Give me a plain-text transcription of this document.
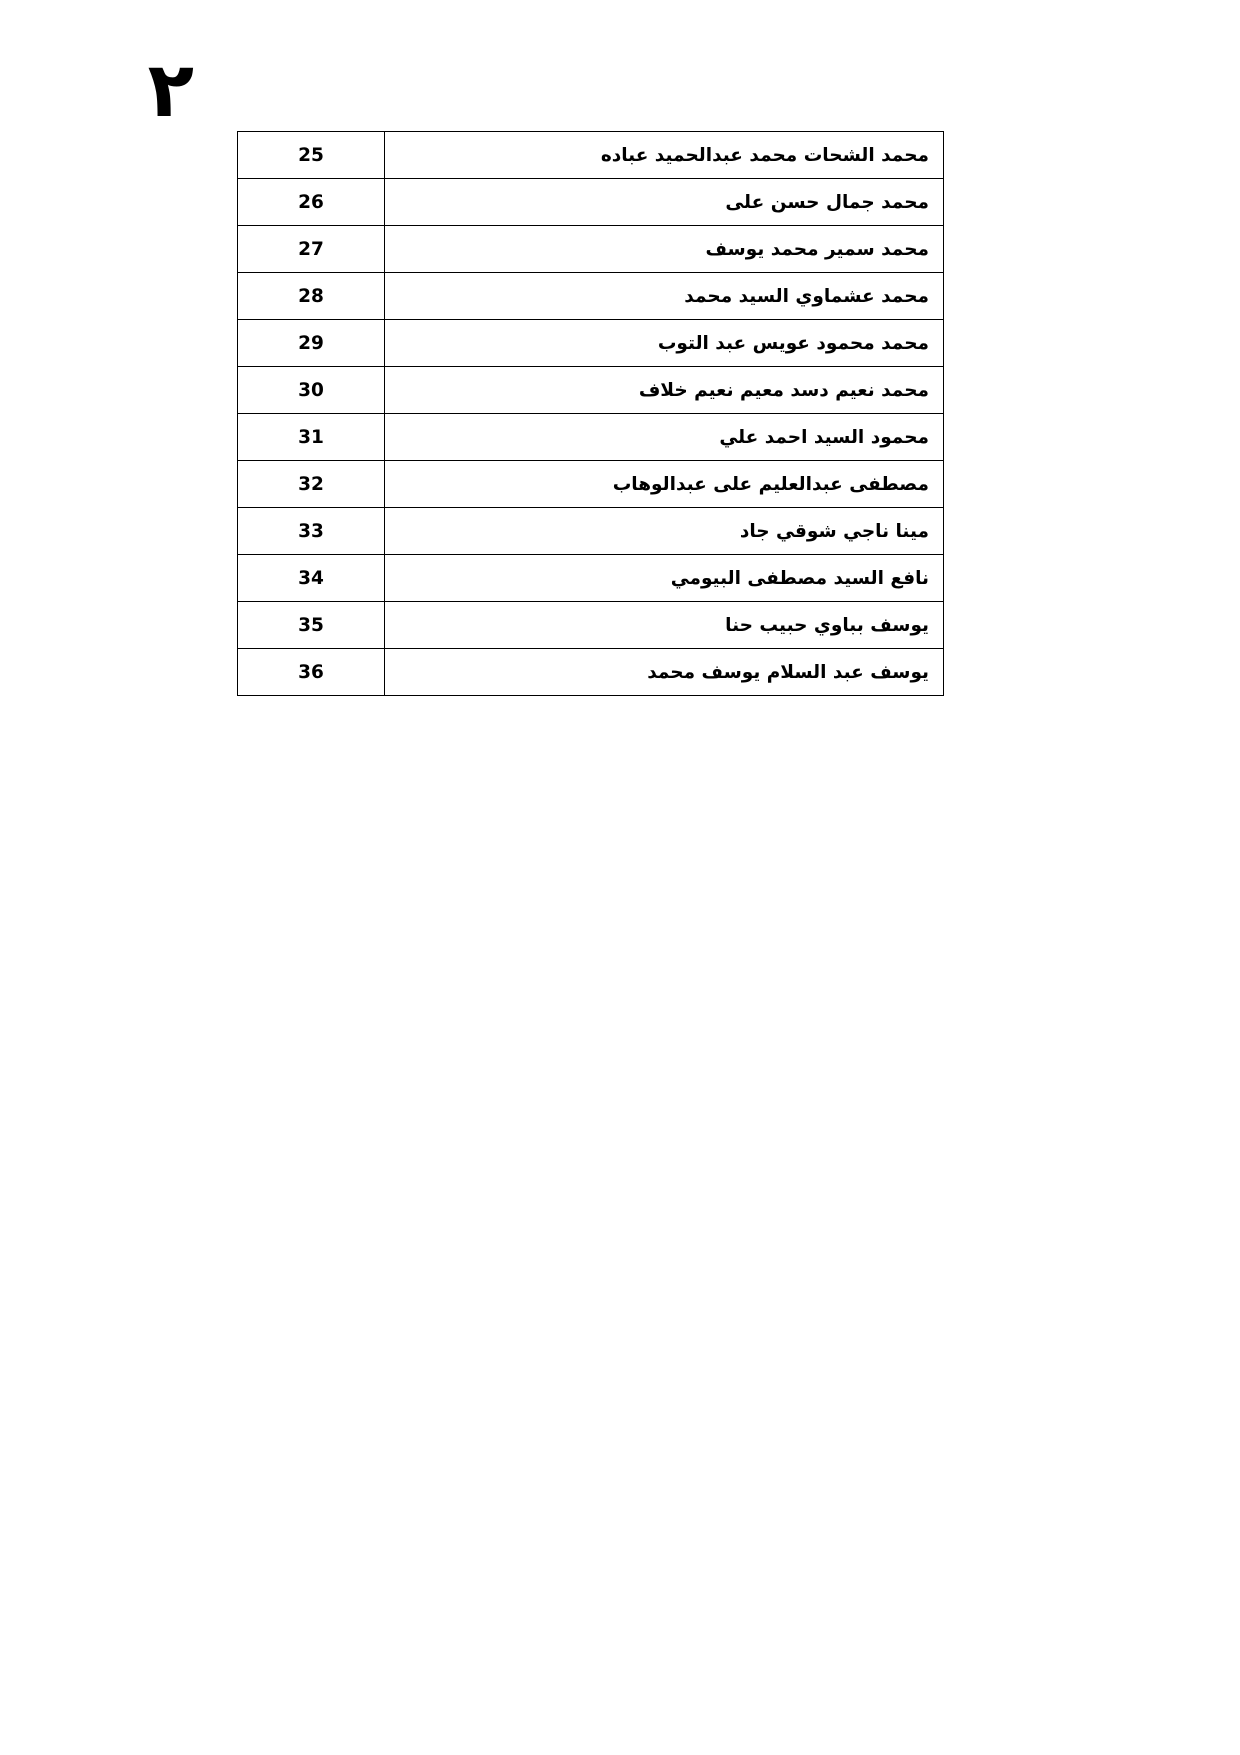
٢
محمد الشحات محمد عبدالحميد عباده	25
محمد جمال حسن على	26
محمد سمير محمد يوسف	27
محمد عشماوي السيد محمد	28
محمد محمود عويس عبد التوب	29
محمد نعيم دسد معيم نعيم خلاف	30
محمود السيد احمد علي	31
مصطفى عبدالعليم على عبدالوهاب	32
مينا ناجي شوقي جاد	33
نافع السيد مصطفى البيومي	34
يوسف بباوي حبيب حنا	35
يوسف عبد السلام يوسف محمد	36
